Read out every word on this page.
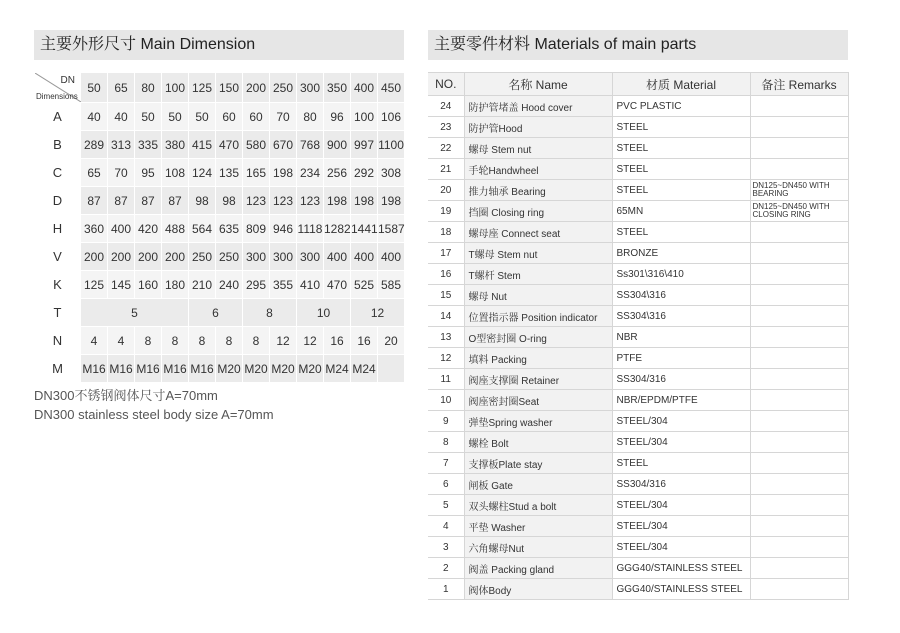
主要外形尺寸 Main Dimension	主要零件材料 Materials of main parts
DN
Dimensions	50	65	80	100	125	150	200	250	300	350	400	450
A	40	40	50	50	50	60	60	70	80	96	100	106
B	289	313	335	380	415	470	580	670	768	900	997	1100
C	65	70	95	108	124	135	165	198	234	256	292	308
D	87	87	87	87	98	98	123	123	123	198	198	198
H	360	400	420	488	564	635	809	946	1118	1282	1441	1587
V	200	200	200	200	250	250	300	300	300	400	400	400
K	125	145	160	180	210	240	295	355	410	470	525	585
T	5				6		8		10		12	
N	4	4	8	8	8	8	8	12	12	16	16	20
M	M16	M16	M16	M16	M16	M20	M20	M20	M20	M24	M24	
DN300不锈钢阀体尺寸A=70mm
DN300 stainless steel body size A=70mm
NO.	名称 Name	材质 Material	备注 Remarks
24	防护管堵盖 Hood cover	PVC PLASTIC	
23	防护管Hood	STEEL	
22	螺母 Stem nut	STEEL	
21	手轮Handwheel	STEEL	
20	推力轴承 Bearing	STEEL	DN125~DN450 WITH BEARING
19	挡圈 Closing ring	65MN	DN125~DN450 WITH CLOSING RING
18	螺母座 Connect seat	STEEL	
17	T螺母 Stem nut	BRONZE	
16	T螺杆 Stem	Ss301\316\410	
15	螺母 Nut	SS304\316	
14	位置指示器 Position indicator	SS304\316	
13	O型密封圈 O-ring	NBR	
12	填料 Packing	PTFE	
11	阀座支撑圈 Retainer	SS304/316	
10	阀座密封圈Seat	NBR/EPDM/PTFE	
9	弹垫Spring washer	STEEL/304	
8	螺栓 Bolt	STEEL/304	
7	支撑板Plate stay	STEEL	
6	闸板 Gate	SS304/316	
5	双头螺柱Stud a bolt	STEEL/304	
4	平垫 Washer	STEEL/304	
3	六角螺母Nut	STEEL/304	
2	阀盖 Packing gland	GGG40/STAINLESS STEEL	
1	阀体Body	GGG40/STAINLESS STEEL	
